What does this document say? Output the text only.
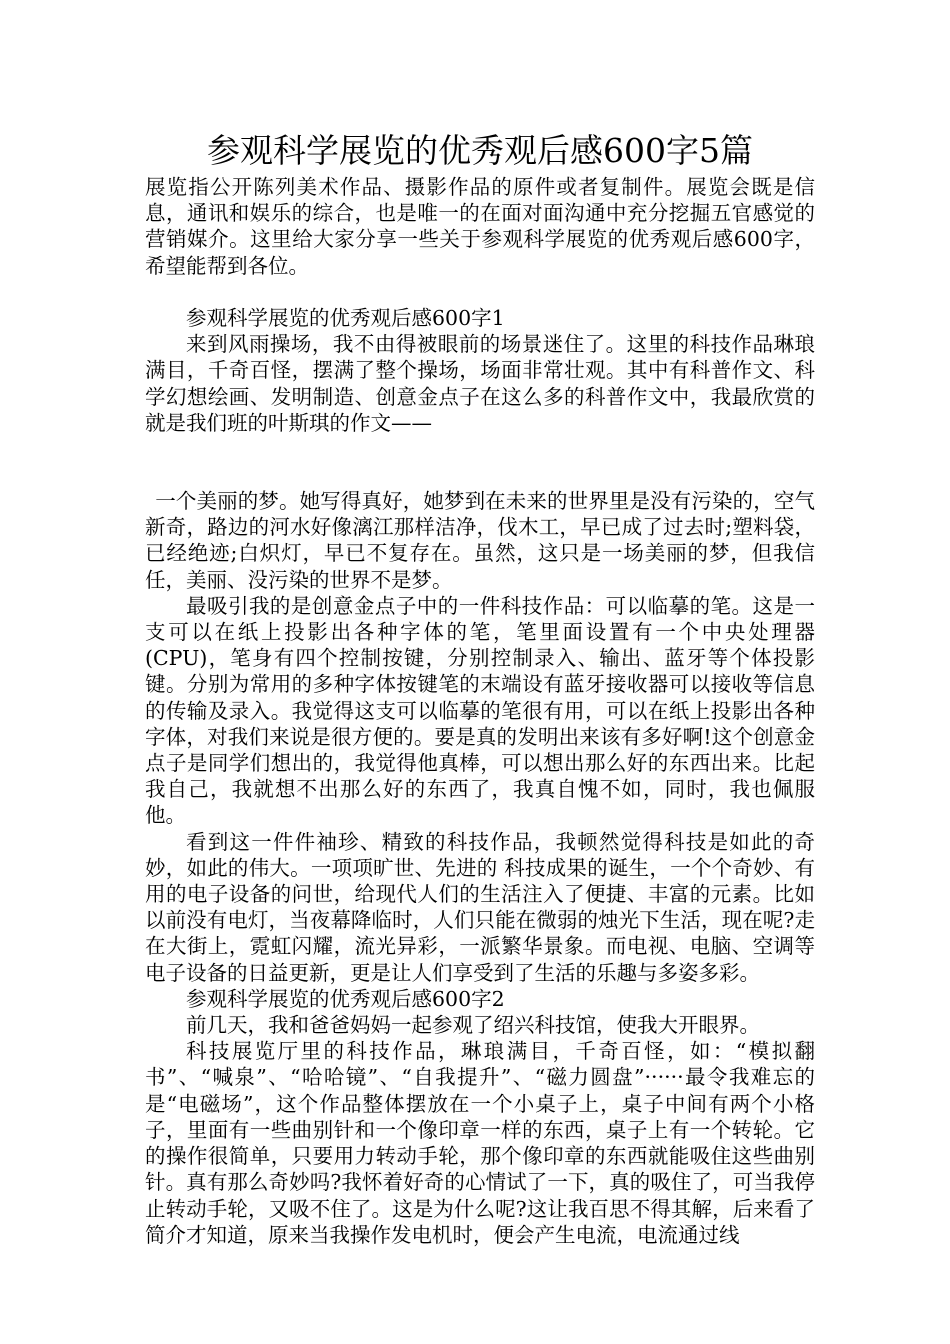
参观科学展览的优秀观后感600字5篇

展览指公开陈列美术作品、摄影作品的原件或者复制件。展览会既是信息，通讯和娱乐的综合，也是唯一的在面对面沟通中充分挖掘五官感觉的营销媒介。这里给大家分享一些关于参观科学展览的优秀观后感600字，希望能帮到各位。

参观科学展览的优秀观后感600字1

来到风雨操场，我不由得被眼前的场景迷住了。这里的科技作品琳琅满目，千奇百怪，摆满了整个操场，场面非常壮观。其中有科普作文、科学幻想绘画、发明制造、创意金点子在这么多的科普作文中，我最欣赏的就是我们班的叶斯琪的作文——

一个美丽的梦。她写得真好，她梦到在未来的世界里是没有污染的，空气新奇，路边的河水好像漓江那样洁净，伐木工，早已成了过去时;塑料袋，已经绝迹;白炽灯，早已不复存在。虽然，这只是一场美丽的梦，但我信任，美丽、没污染的世界不是梦。

最吸引我的是创意金点子中的一件科技作品：可以临摹的笔。这是一支可以在纸上投影出各种字体的笔，笔里面设置有一个中央处理器(CPU)，笔身有四个控制按键，分别控制录入、输出、蓝牙等个体投影键。分别为常用的多种字体按键笔的末端设有蓝牙接收器可以接收等信息的传输及录入。我觉得这支可以临摹的笔很有用，可以在纸上投影出各种字体，对我们来说是很方便的。要是真的发明出来该有多好啊!这个创意金点子是同学们想出的，我觉得他真棒，可以想出那么好的东西出来。比起我自己，我就想不出那么好的东西了，我真自愧不如，同时，我也佩服他。

看到这一件件袖珍、精致的科技作品，我顿然觉得科技是如此的奇妙，如此的伟大。一项项旷世、先进的 科技成果的诞生，一个个奇妙、有用的电子设备的问世，给现代人们的生活注入了便捷、丰富的元素。比如以前没有电灯，当夜幕降临时，人们只能在微弱的烛光下生活，现在呢?走在大街上，霓虹闪耀，流光异彩，一派繁华景象。而电视、电脑、空调等电子设备的日益更新，更是让人们享受到了生活的乐趣与多姿多彩。

参观科学展览的优秀观后感600字2

前几天，我和爸爸妈妈一起参观了绍兴科技馆，使我大开眼界。

科技展览厅里的科技作品，琳琅满目，千奇百怪，如：“模拟翻书”、“喊泉”、“哈哈镜”、“自我提升”、“磁力圆盘”······最令我难忘的是“电磁场”，这个作品整体摆放在一个小桌子上，桌子中间有两个小格子，里面有一些曲别针和一个像印章一样的东西，桌子上有一个转轮。它的操作很简单，只要用力转动手轮，那个像印章的东西就能吸住这些曲别针。真有那么奇妙吗?我怀着好奇的心情试了一下，真的吸住了，可当我停止转动手轮，又吸不住了。这是为什么呢?这让我百思不得其解，后来看了简介才知道，原来当我操作发电机时，便会产生电流，电流通过线
